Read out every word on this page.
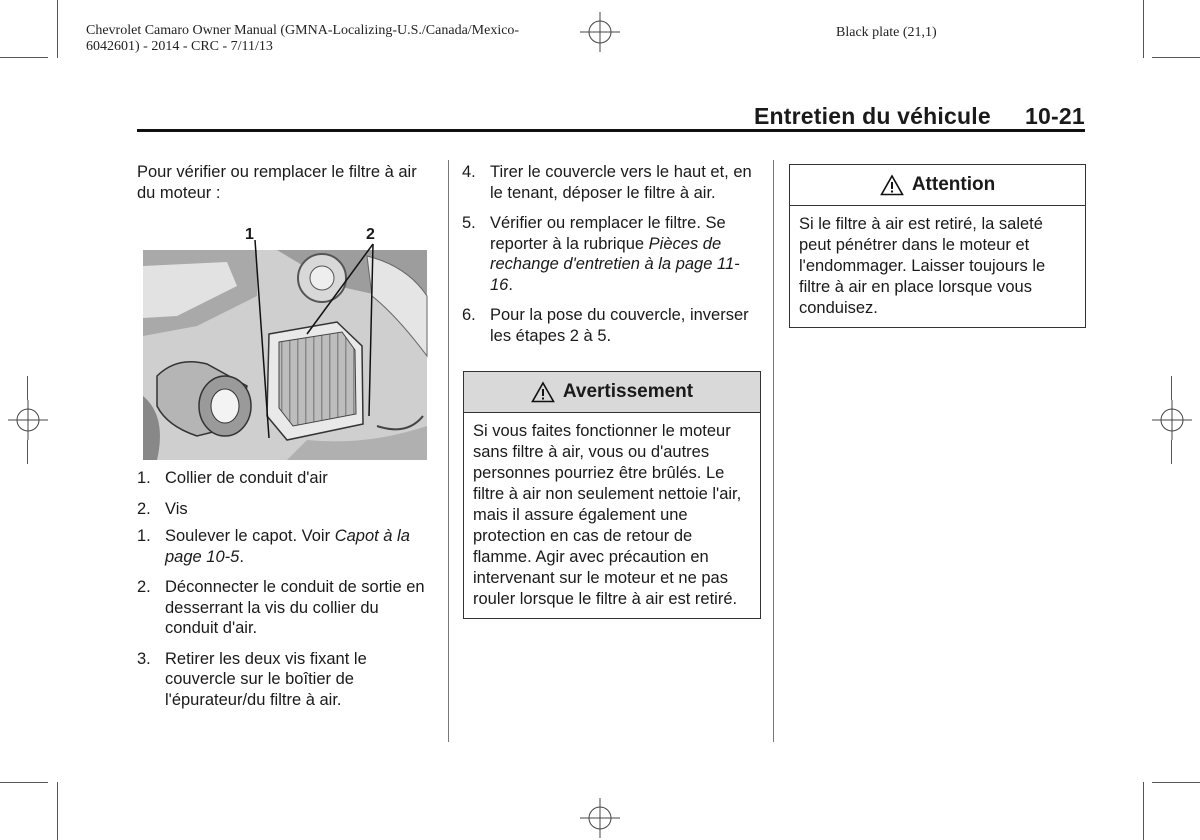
Chevrolet Camaro Owner Manual (GMNA-Localizing-U.S./Canada/Mexico-
6042601) - 2014 - CRC - 7/11/13
Black plate (21,1)
Entretien du véhicule 10-21
Pour vérifier ou remplacer le filtre à air du moteur :
1	2
1. Collier de conduit d'air
2. Vis
1. Soulever le capot. Voir Capot à la page 10-5.
2. Déconnecter le conduit de sortie en desserrant la vis du collier du conduit d'air.
3. Retirer les deux vis fixant le couvercle sur le boîtier de l'épurateur/du filtre à air.
4. Tirer le couvercle vers le haut et, en le tenant, déposer le filtre à air.
5. Vérifier ou remplacer le filtre. Se reporter à la rubrique Pièces de rechange d'entretien à la page 11-16.
6. Pour la pose du couvercle, inverser les étapes 2 à 5.
Avertissement
Si vous faites fonctionner le moteur sans filtre à air, vous ou d'autres personnes pourriez être brûlés. Le filtre à air non seulement nettoie l'air, mais il assure également une protection en cas de retour de flamme. Agir avec précaution en intervenant sur le moteur et ne pas rouler lorsque le filtre à air est retiré.
Attention
Si le filtre à air est retiré, la saleté peut pénétrer dans le moteur et l'endommager. Laisser toujours le filtre à air en place lorsque vous conduisez.
